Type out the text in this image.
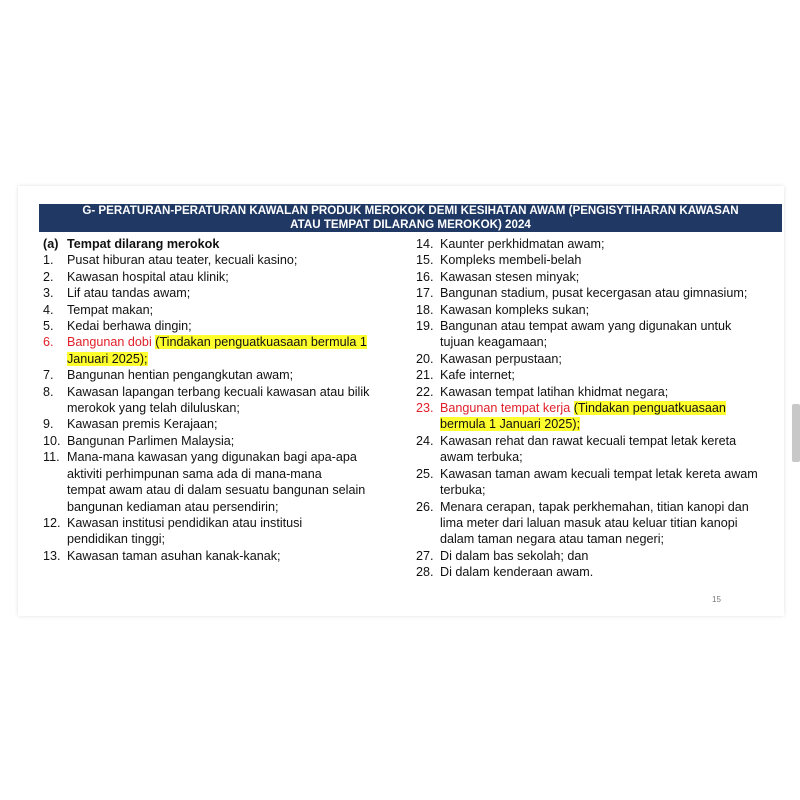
G- PERATURAN-PERATURAN KAWALAN PRODUK MEROKOK DEMI KESIHATAN AWAM (PENGISYTIHARAN KAWASAN
ATAU TEMPAT DILARANG MEROKOK) 2024
(a) Tempat dilarang merokok
1.	Pusat hiburan atau teater, kecuali kasino;
2.	Kawasan hospital atau klinik;
3.	Lif atau tandas awam;
4.	Tempat makan;
5.	Kedai berhawa dingin;
6.	Bangunan dobi (Tindakan penguatkuasaan bermula 1
Januari 2025);
7.	Bangunan hentian pengangkutan awam;
8.	Kawasan lapangan terbang kecuali kawasan atau bilik
merokok yang telah diluluskan;
9.	Kawasan premis Kerajaan;
10. Bangunan Parlimen Malaysia;
11. Mana-mana kawasan yang digunakan bagi apa-apa
aktiviti perhimpunan sama ada di mana-mana
tempat awam atau di dalam sesuatu bangunan selain
bangunan kediaman atau persendirin;
12. Kawasan institusi pendidikan atau institusi
pendidikan tinggi;
13. Kawasan taman asuhan kanak-kanak;
14. Kaunter perkhidmatan awam;
15. Kompleks membeli-belah
16. Kawasan stesen minyak;
17. Bangunan stadium, pusat kecergasan atau gimnasium;
18. Kawasan kompleks sukan;
19. Bangunan atau tempat awam yang digunakan untuk
tujuan keagamaan;
20. Kawasan perpustaan;
21. Kafe internet;
22. Kawasan tempat latihan khidmat negara;
23. Bangunan tempat kerja (Tindakan penguatkuasaan
bermula 1 Januari 2025);
24. Kawasan rehat dan rawat kecuali tempat letak kereta
awam terbuka;
25. Kawasan taman awam kecuali tempat letak kereta awam
terbuka;
26. Menara cerapan, tapak perkhemahan, titian kanopi dan
lima meter dari laluan masuk atau keluar titian kanopi
dalam taman negara atau taman negeri;
27. Di dalam bas sekolah; dan
28. Di dalam kenderaan awam.
15
